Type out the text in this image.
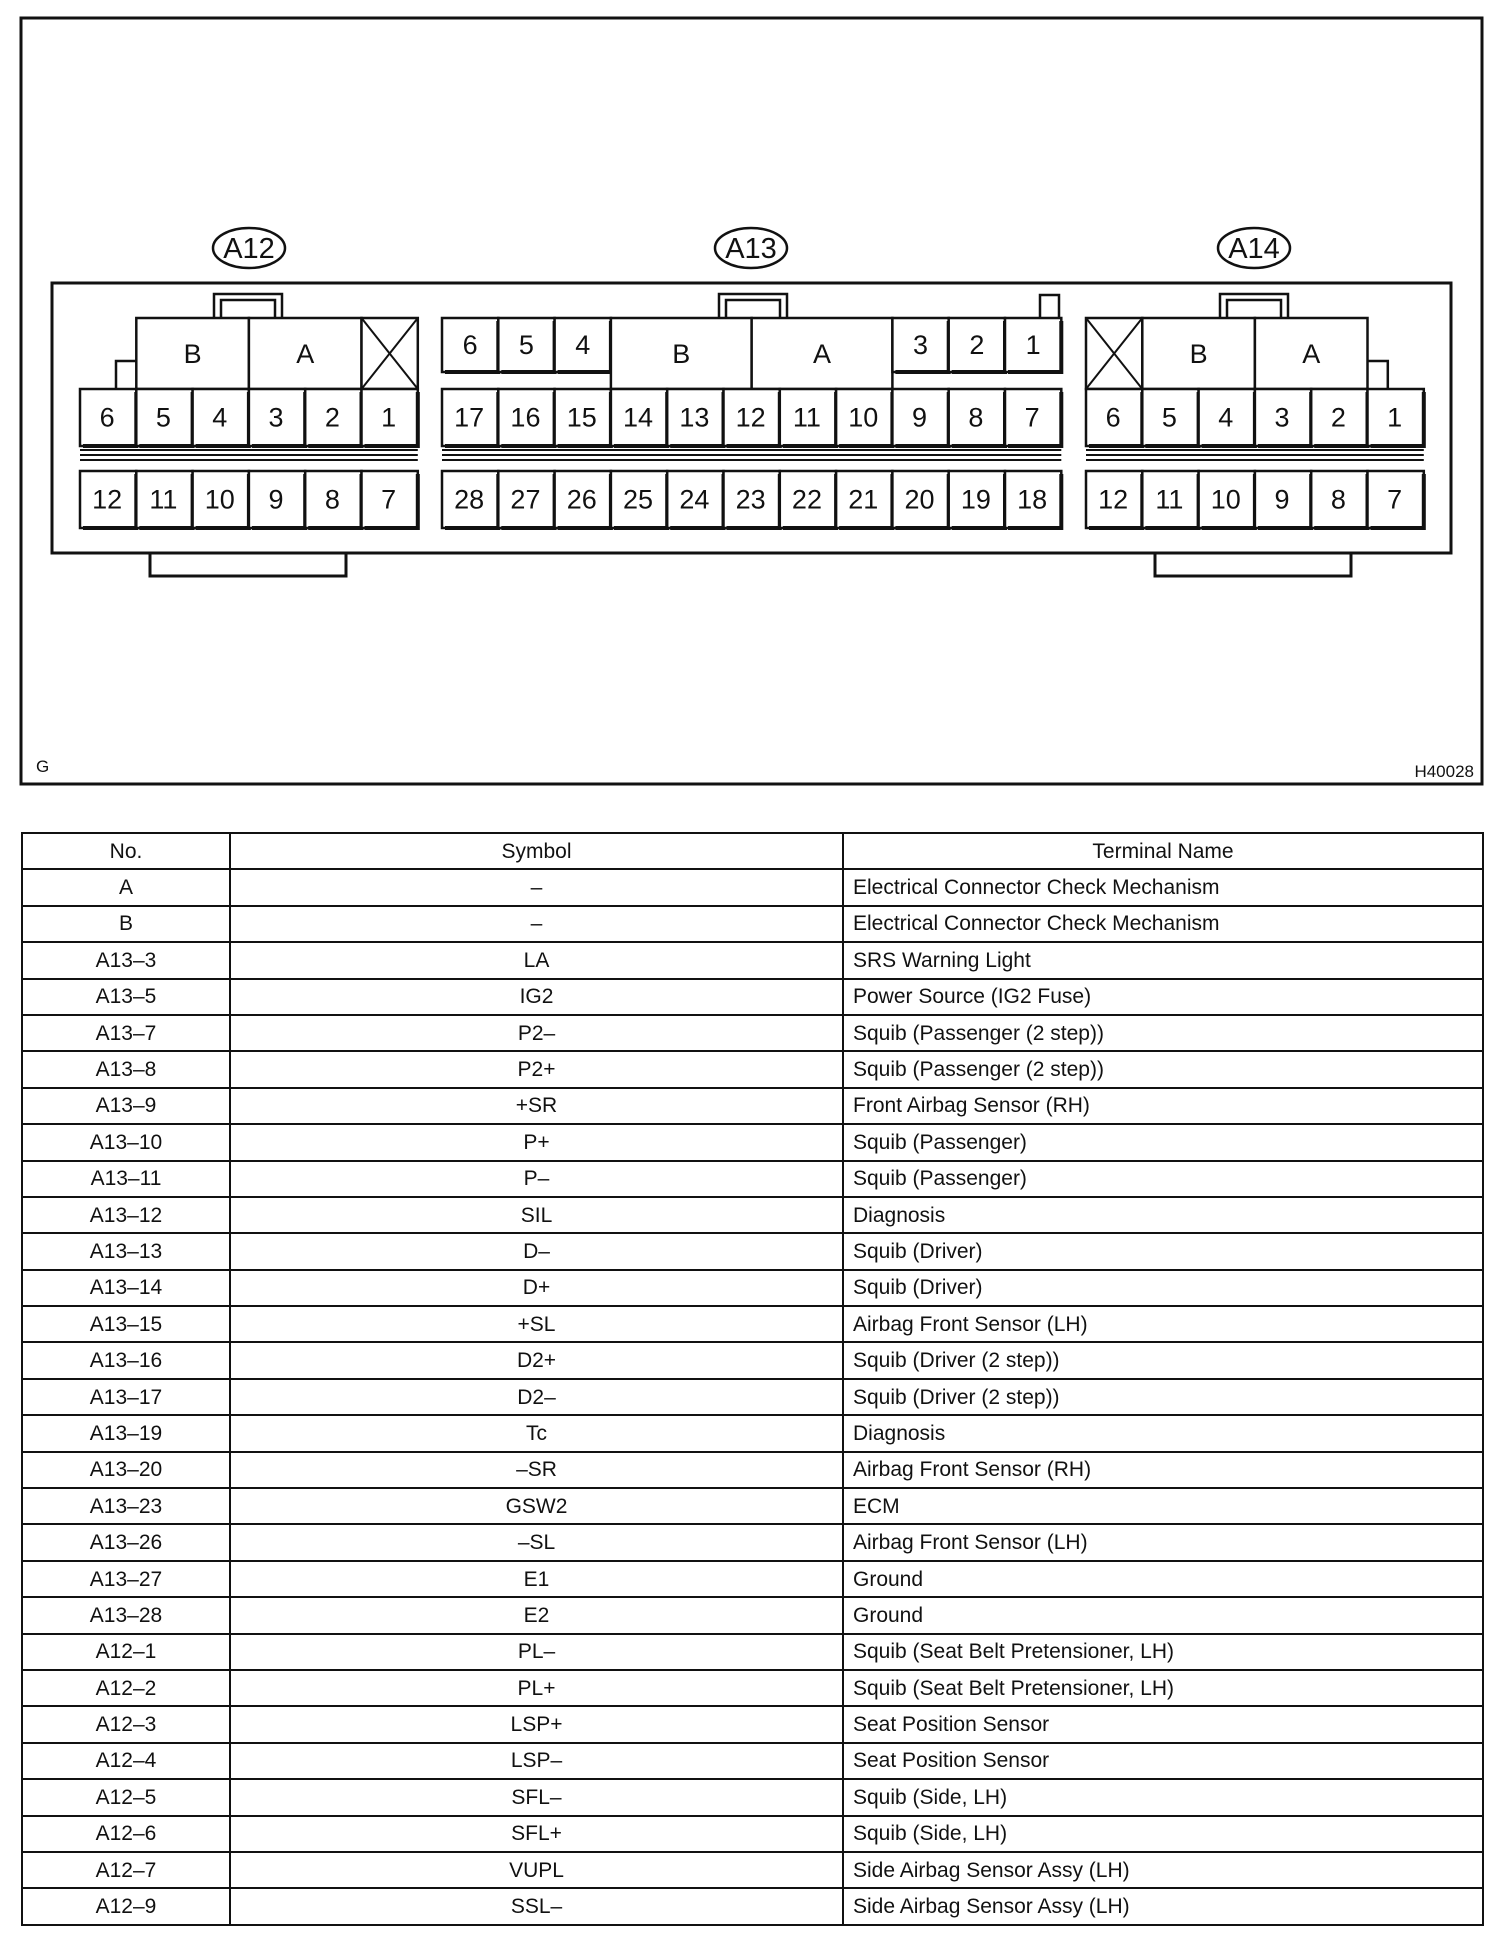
A12
B	A
6 5 4 3 2 1
12 11 10 9 8 7
A14
B	A
6 5 4 3 2 1
12 11 10 9 8 7
A13
6 5 4	B	A	3 2 1
17 16 15 14 13 12 11 10 9 8 7
28 27 26 25 24 23 22 21 20 19 18
G	H40028
No.	Symbol	Terminal Name
A	–	Electrical Connector Check Mechanism
B	–	Electrical Connector Check Mechanism
A13–3	LA	SRS Warning Light
A13–5	IG2	Power Source (IG2 Fuse)
A13–7	P2–	Squib (Passenger (2 step))
A13–8	P2+	Squib (Passenger (2 step))
A13–9	+SR	Front Airbag Sensor (RH)
A13–10	P+	Squib (Passenger)
A13–11	P–	Squib (Passenger)
A13–12	SIL	Diagnosis
A13–13	D–	Squib (Driver)
A13–14	D+	Squib (Driver)
A13–15	+SL	Airbag Front Sensor (LH)
A13–16	D2+	Squib (Driver (2 step))
A13–17	D2–	Squib (Driver (2 step))
A13–19	Tc	Diagnosis
A13–20	–SR	Airbag Front Sensor (RH)
A13–23	GSW2	ECM
A13–26	–SL	Airbag Front Sensor (LH)
A13–27	E1	Ground
A13–28	E2	Ground
A12–1	PL–	Squib (Seat Belt Pretensioner, LH)
A12–2	PL+	Squib (Seat Belt Pretensioner, LH)
A12–3	LSP+	Seat Position Sensor
A12–4	LSP–	Seat Position Sensor
A12–5	SFL–	Squib (Side, LH)
A12–6	SFL+	Squib (Side, LH)
A12–7	VUPL	Side Airbag Sensor Assy (LH)
A12–9	SSL–	Side Airbag Sensor Assy (LH)
